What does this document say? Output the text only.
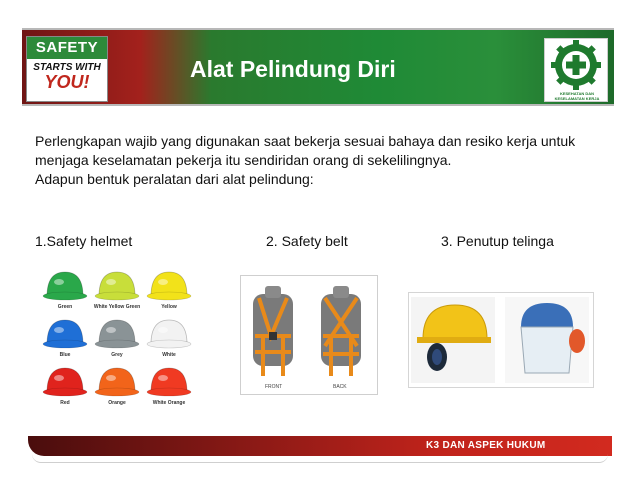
SAFETY
STARTS WITH
YOU!	Alat Pelindung Diri
KESEHATAN DAN KESELAMATAN KERJA

Perlengkapan wajib yang digunakan saat bekerja sesuai bahaya dan resiko kerja untuk menjaga keselamatan pekerja itu sendiridan orang di sekelilingnya.

Adapun bentuk peralatan dari alat pelindung:

1.Safety helmet	2. Safety belt	3. Penutup telinga
Green	White Yellow Green	Yellow
Blue	Grey	White
Red	Orange	White Orange
FRONT	BACK
K3 DAN ASPEK HUKUM
